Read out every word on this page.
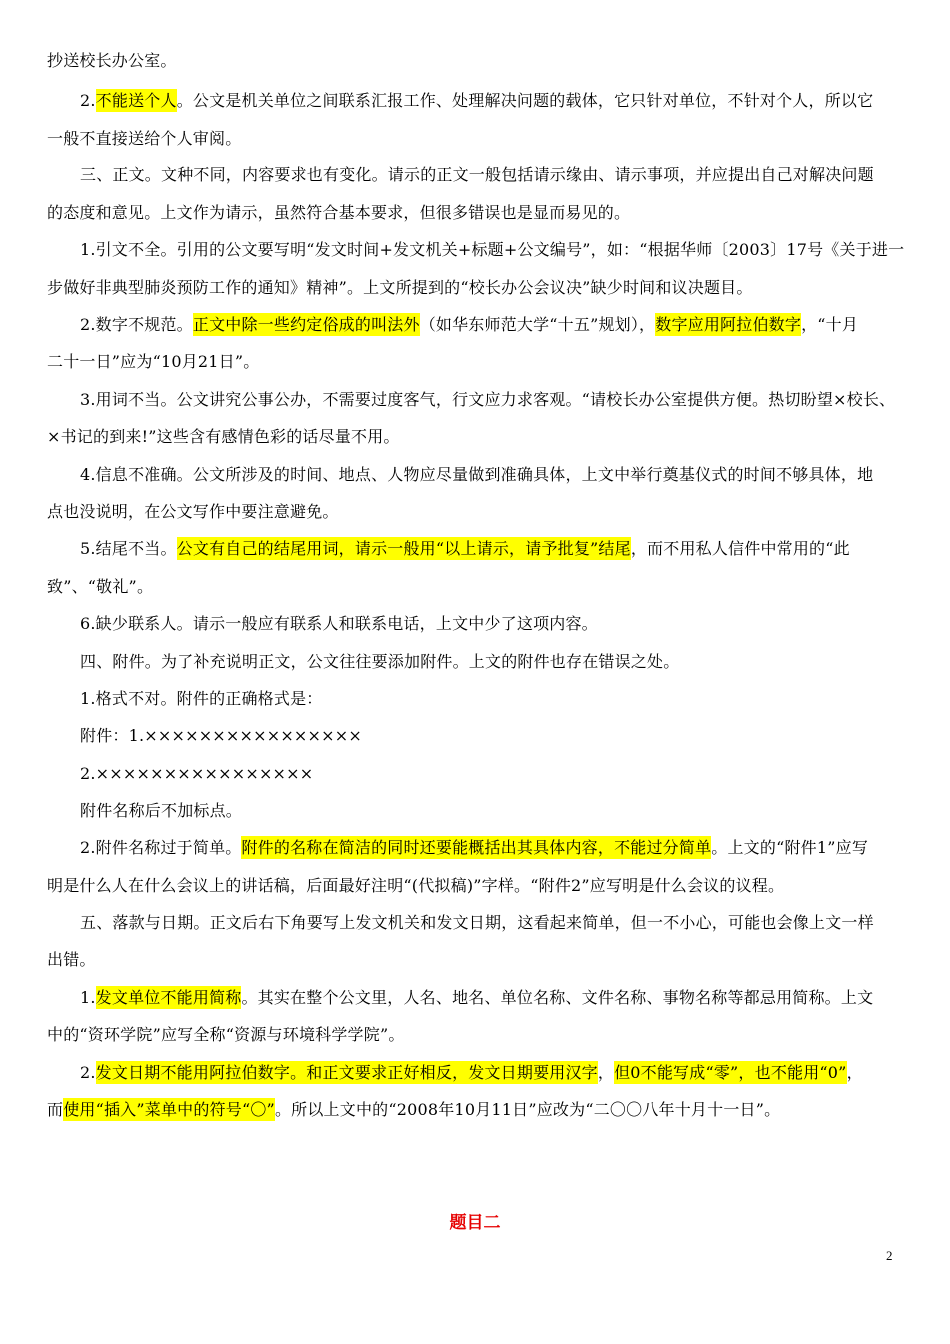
抄送校长办公室。
2.不能送个人。公文是机关单位之间联系汇报工作、处理解决问题的载体，它只针对单位，不针对个人，所以它
一般不直接送给个人审阅。
三、正文。文种不同，内容要求也有变化。请示的正文一般包括请示缘由、请示事项，并应提出自己对解决问题
的态度和意见。上文作为请示，虽然符合基本要求，但很多错误也是显而易见的。
1.引文不全。引用的公文要写明“发文时间+发文机关+标题+公文编号”，如：“根据华师〔2003〕17号《关于进一
步做好非典型肺炎预防工作的通知》精神”。上文所提到的“校长办公会议决”缺少时间和议决题目。
2.数字不规范。正文中除一些约定俗成的叫法外（如华东师范大学“十五”规划），数字应用阿拉伯数字，“十月
二十一日”应为“10月21日”。
3.用词不当。公文讲究公事公办，不需要过度客气，行文应力求客观。“请校长办公室提供方便。热切盼望×校长、
×书记的到来!”这些含有感情色彩的话尽量不用。
4.信息不准确。公文所涉及的时间、地点、人物应尽量做到准确具体，上文中举行奠基仪式的时间不够具体，地
点也没说明，在公文写作中要注意避免。
5.结尾不当。公文有自己的结尾用词，请示一般用“以上请示，请予批复”结尾，而不用私人信件中常用的“此
致”、“敬礼”。
6.缺少联系人。请示一般应有联系人和联系电话，上文中少了这项内容。
四、附件。为了补充说明正文，公文往往要添加附件。上文的附件也存在错误之处。
1.格式不对。附件的正确格式是：
附件：1.××××××××××××××××
2.××××××××××××××××
附件名称后不加标点。
2.附件名称过于简单。附件的名称在简洁的同时还要能概括出其具体内容，不能过分简单。上文的“附件1”应写
明是什么人在什么会议上的讲话稿，后面最好注明“(代拟稿)”字样。“附件2”应写明是什么会议的议程。
五、落款与日期。正文后右下角要写上发文机关和发文日期，这看起来简单，但一不小心，可能也会像上文一样
出错。
1.发文单位不能用简称。其实在整个公文里，人名、地名、单位名称、文件名称、事物名称等都忌用简称。上文
中的“资环学院”应写全称“资源与环境科学学院”。
2.发文日期不能用阿拉伯数字。和正文要求正好相反，发文日期要用汉字，但0不能写成“零”，也不能用“0”，
而使用“插入”菜单中的符号“〇”。所以上文中的“2008年10月11日”应改为“二〇〇八年十月十一日”。
题目二
2
